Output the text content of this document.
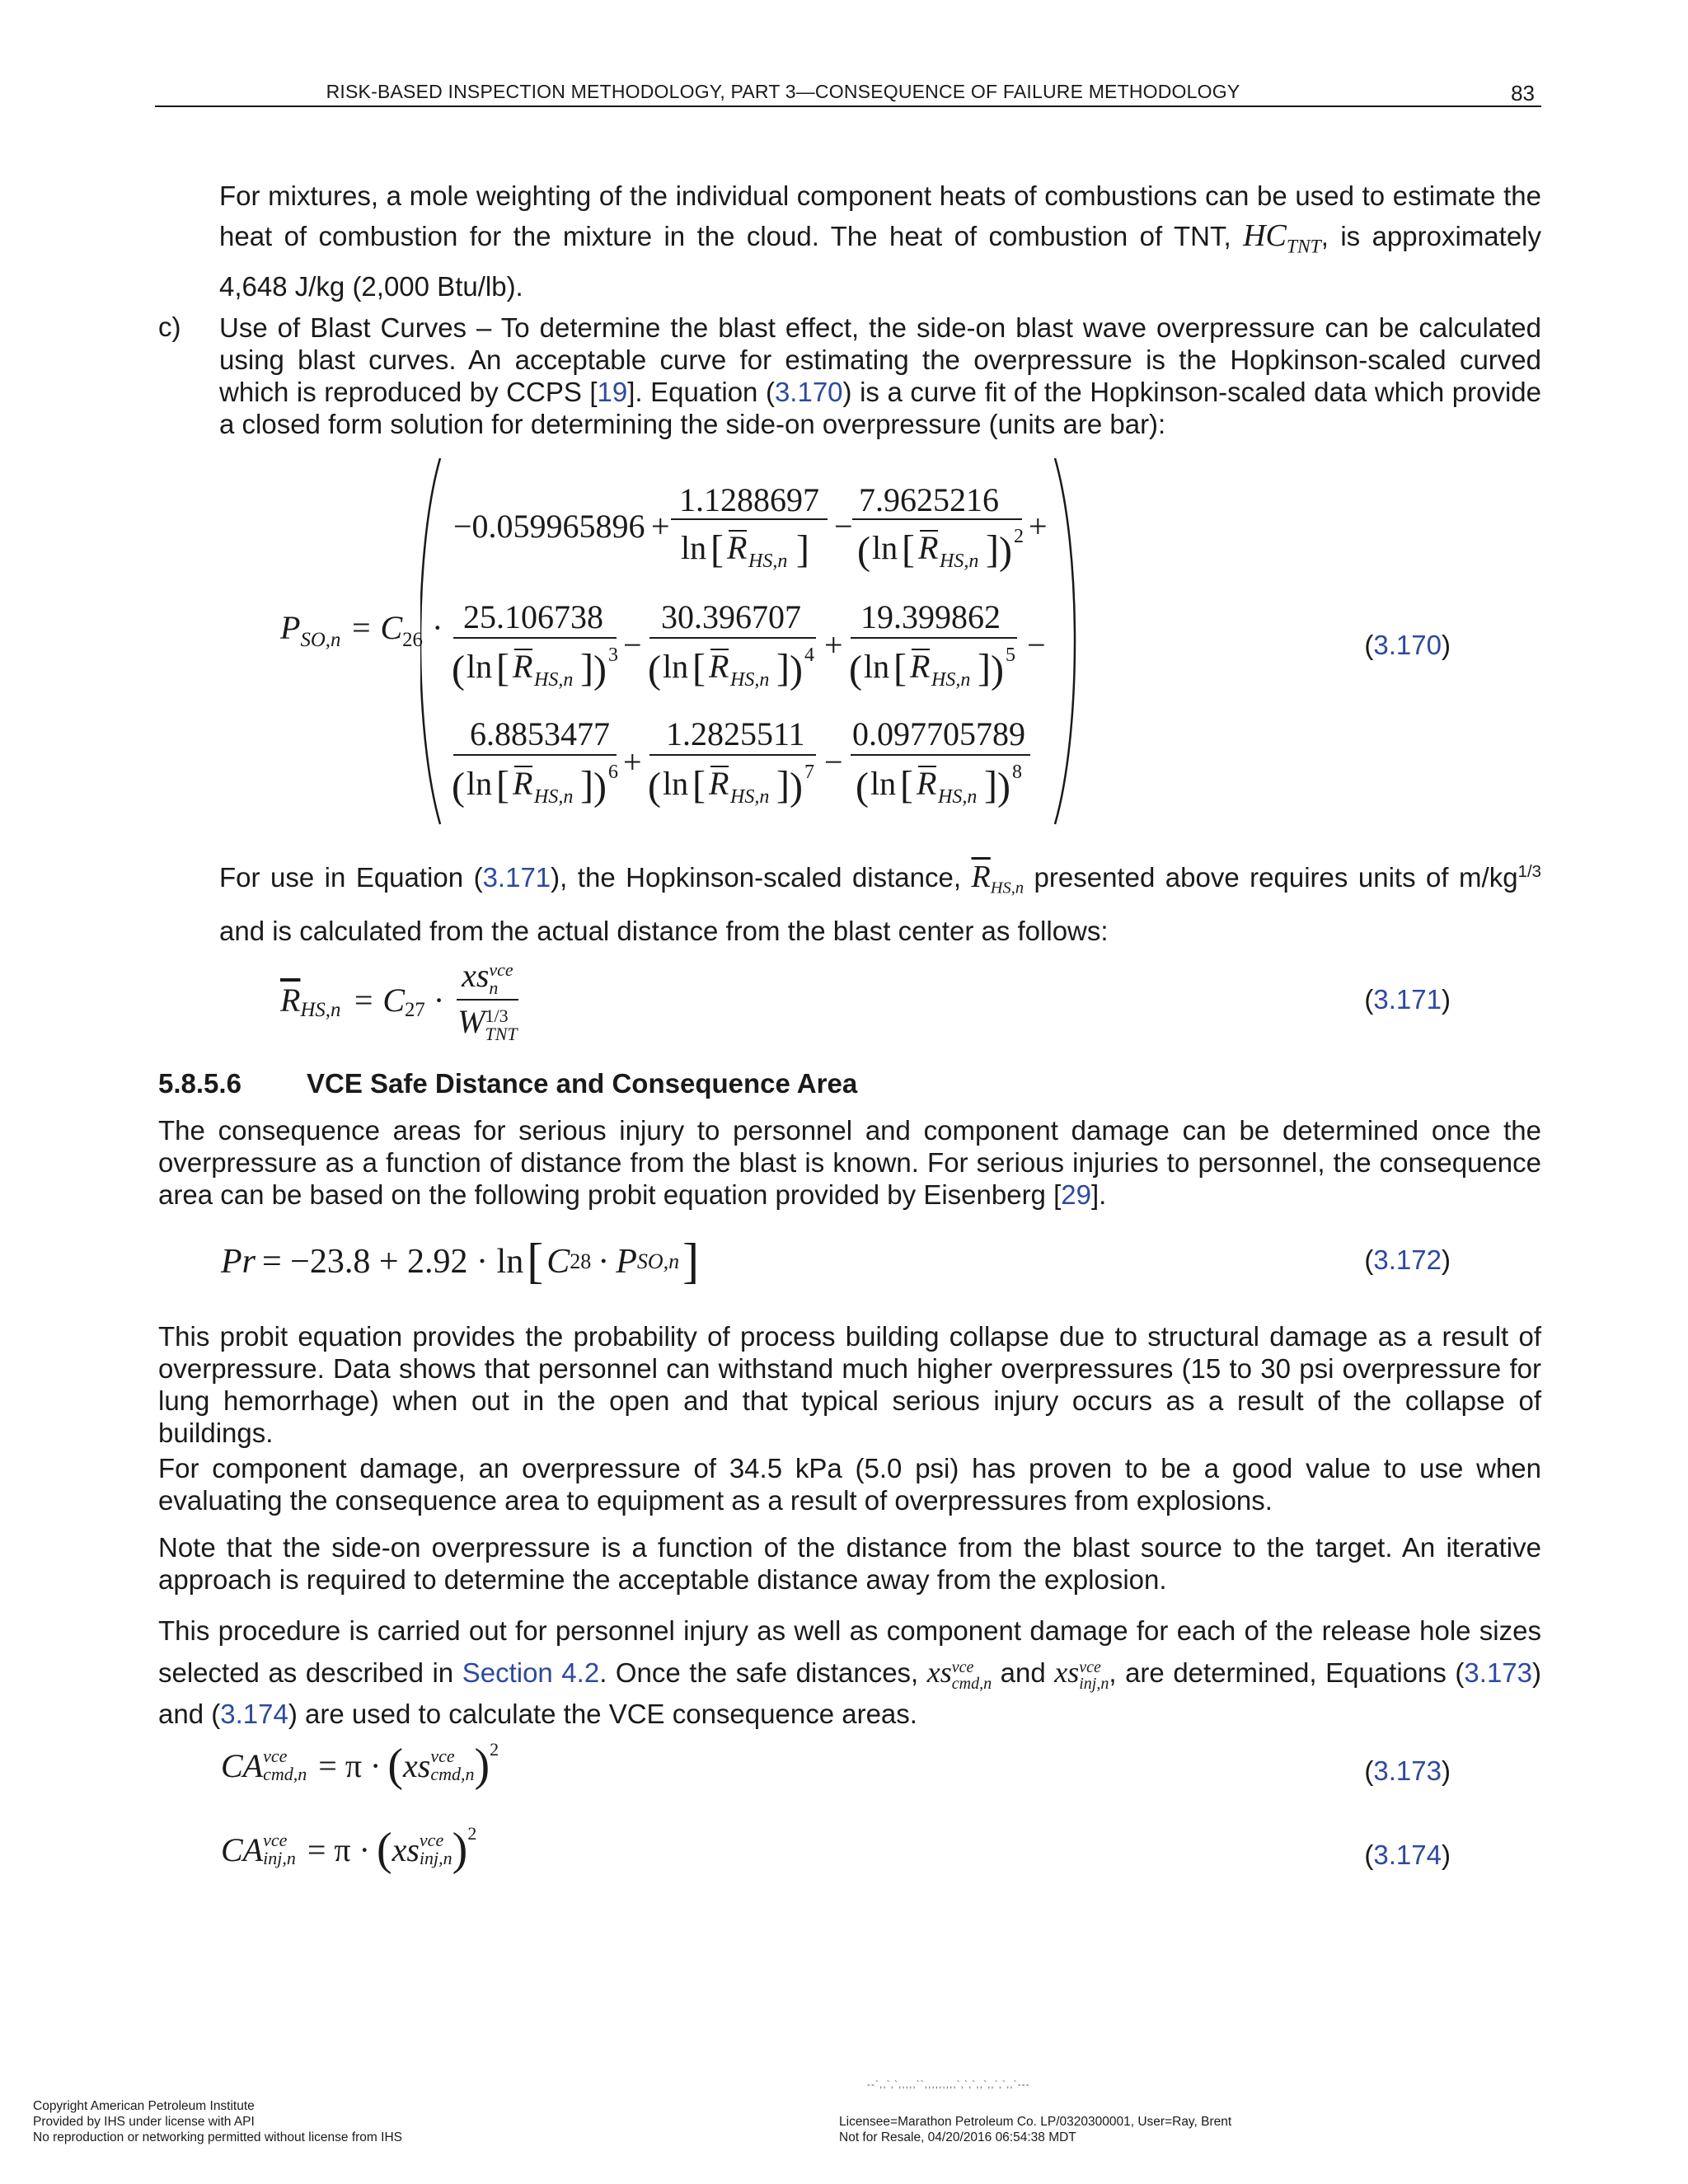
RISK-BASED INSPECTION METHODOLOGY, PART 3—CONSEQUENCE OF FAILURE METHODOLOGY	83
For mixtures, a mole weighting of the individual component heats of combustions can be used to estimate the heat of combustion for the mixture in the cloud. The heat of combustion of TNT, $HC_{TNT}$, is approximately 4,648 J/kg (2,000 Btu/lb).
c) Use of Blast Curves – To determine the blast effect, the side-on blast wave overpressure can be calculated using blast curves. An acceptable curve for estimating the overpressure is the Hopkinson-scaled curved which is reproduced by CCPS [19]. Equation (3.170) is a curve fit of the Hopkinson-scaled data which provide a closed form solution for determining the side-on overpressure (units are bar):
$P_{SO,n} = C_{26}$ ·
−0.059965896 +
1.1288697
ln [ R HS,n ]
−
7.9625216
( ln [ R HS,n ] ) 2 +
25.106738
( ln [ R HS,n ] ) 3 −
30.396707
( ln [ R HS,n ] ) 4 +
19.399862
( ln [ R HS,n ] ) 5 −
6.8853477
( ln [ R HS,n ] ) 6 +
1.2825511
( ln [ R HS,n ] ) 7 −
0.097705789
( ln [ R HS,n ] ) 8
(3.170)
For use in Equation (3.171), the Hopkinson-scaled distance, $\overline{R}_{HS,n}$ presented above requires units of $m/kg^{1/3}$ and is calculated from the actual distance from the blast center as follows:
$\overline{R}_{HS,n} = C_{27}$ · xs vce
n
W 1/3
TNT	(3.171)
5.8.5.6 VCE Safe Distance and Consequence Area
The consequence areas for serious injury to personnel and component damage can be determined once the overpressure as a function of distance from the blast is known. For serious injuries to personnel, the consequence area can be based on the following probit equation provided by Eisenberg [29].
Pr = −23.8 + 2.92 · ln [ C 28 · P SO,n ]	(3.172)
This probit equation provides the probability of process building collapse due to structural damage as a result of overpressure. Data shows that personnel can withstand much higher overpressures (15 to 30 psi overpressure for lung hemorrhage) when out in the open and that typical serious injury occurs as a result of the collapse of buildings.
For component damage, an overpressure of 34.5 kPa (5.0 psi) has proven to be a good value to use when evaluating the consequence area to equipment as a result of overpressures from explosions.
Note that the side-on overpressure is a function of the distance from the blast source to the target. An iterative approach is required to determine the acceptable distance away from the explosion.
This procedure is carried out for personnel injury as well as component damage for each of the release hole sizes selected as described in Section 4.2. Once the safe distances, xs vce
cmd,n and xs vce
inj,n , are determined, Equations (3.173) and (3.174) are used to calculate the VCE consequence areas.
CA vce
cmd,n = π · ( xs vce
cmd,n )$^2$
(3.173)
CA vce
inj,n = π · ( xs vce
inj,n )$^2$
(3.174)
Copyright American Petroleum Institute
Provided by IHS under license with API
No reproduction or networking permitted without license from IHS
--`,,`,`,,,,,``,,,,,,,,,`,`,`,,`,,`,`,,`---
Licensee=Marathon Petroleum Co. LP/0320300001, User=Ray, Brent
Not for Resale, 04/20/2016 06:54:38 MDT
